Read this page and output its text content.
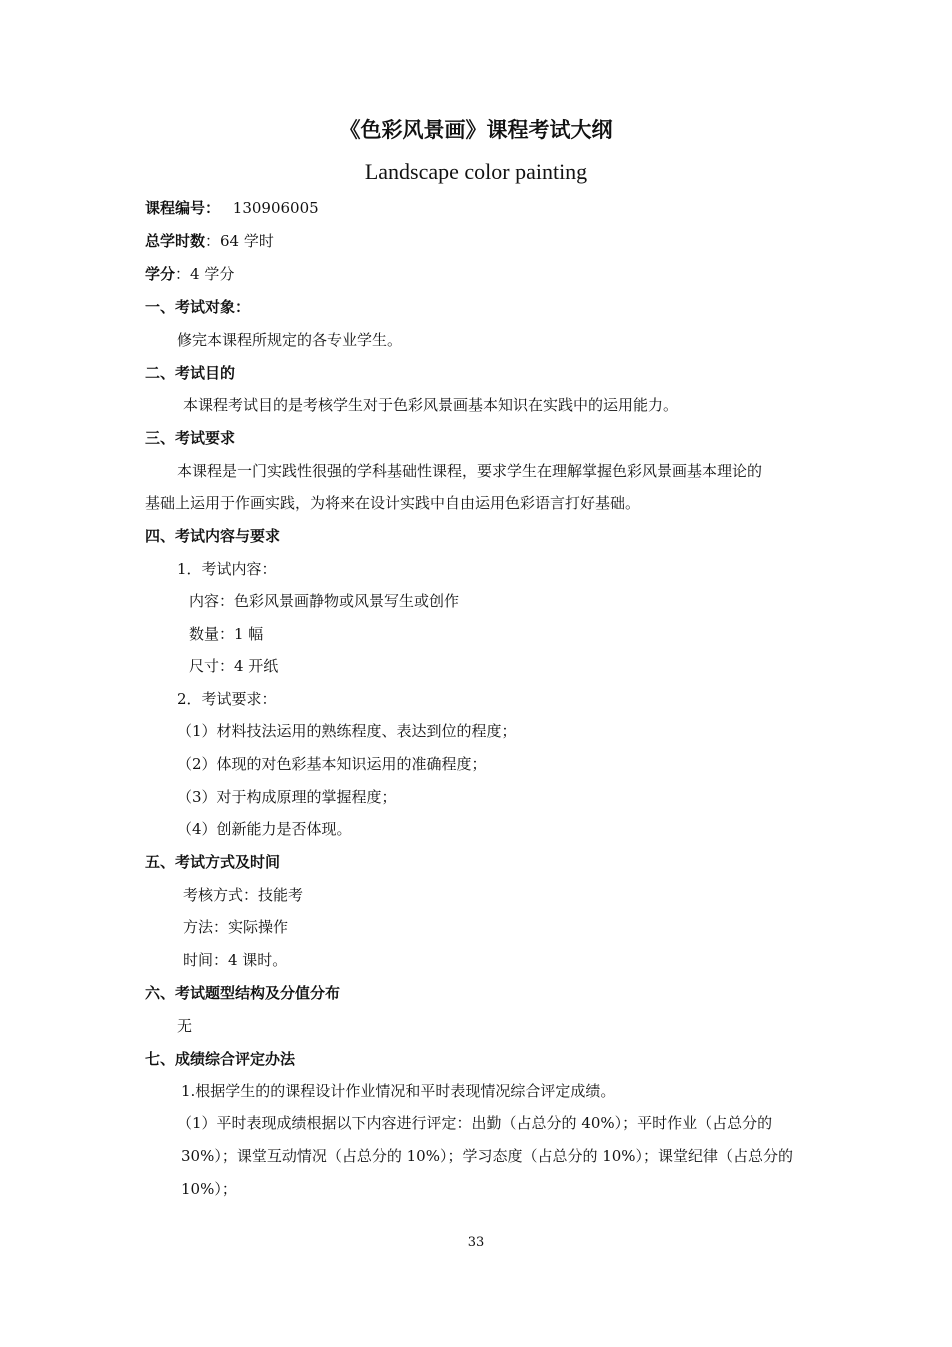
《色彩风景画》课程考试大纲
Landscape color painting
课程编号： 130906005
总学时数：64 学时
学分：4 学分
一、考试对象：
修完本课程所规定的各专业学生。
二、考试目的
本课程考试目的是考核学生对于色彩风景画基本知识在实践中的运用能力。
三、考试要求
本课程是一门实践性很强的学科基础性课程，要求学生在理解掌握色彩风景画基本理论的
基础上运用于作画实践，为将来在设计实践中自由运用色彩语言打好基础。
四、考试内容与要求
1．考试内容：
内容：色彩风景画静物或风景写生或创作
数量：1 幅
尺寸：4 开纸
2．考试要求：
（1）材料技法运用的熟练程度、表达到位的程度；
（2）体现的对色彩基本知识运用的准确程度；
（3）对于构成原理的掌握程度；
（4）创新能力是否体现。
五、考试方式及时间
考核方式：技能考
方法：实际操作
时间：4 课时。
六、考试题型结构及分值分布
无
七、成绩综合评定办法
1.根据学生的的课程设计作业情况和平时表现情况综合评定成绩。
（1）平时表现成绩根据以下内容进行评定：出勤（占总分的 40%）；平时作业（占总分的
30%）；课堂互动情况（占总分的 10%）；学习态度（占总分的 10%）；课堂纪律（占总分的
10%）；
33
